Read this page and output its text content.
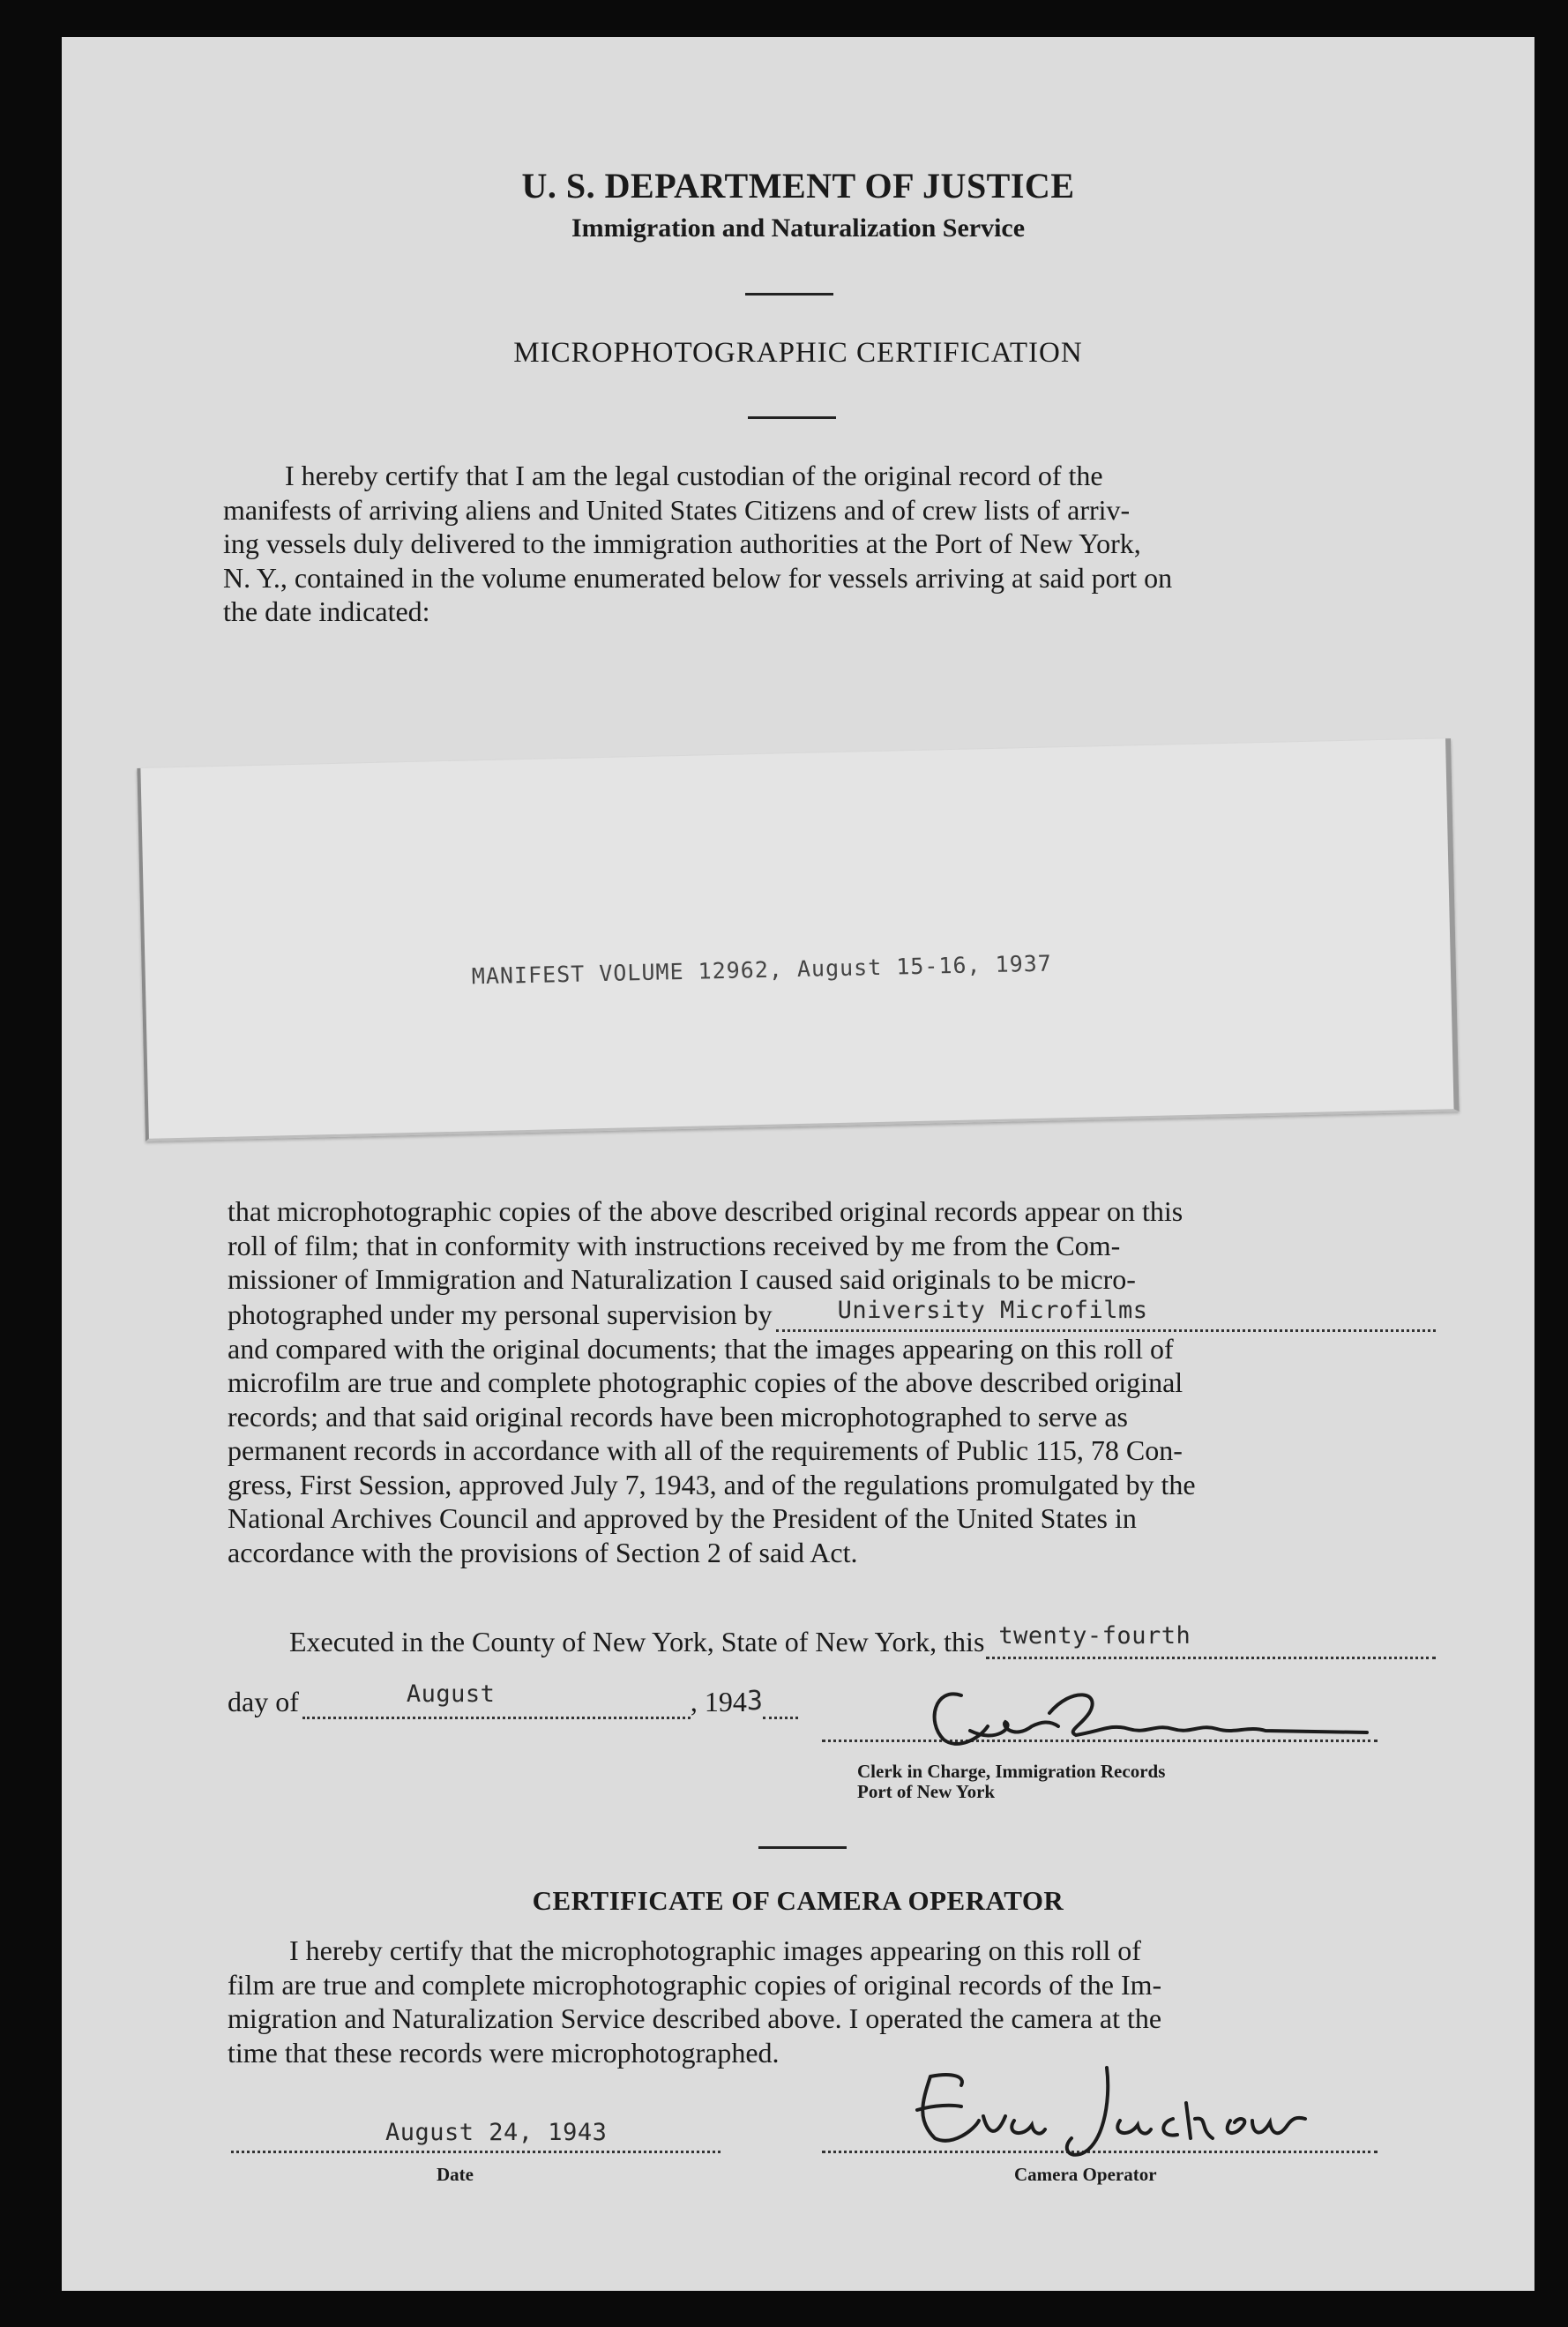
U. S. DEPARTMENT OF JUSTICE
Immigration and Naturalization Service
MICROPHOTOGRAPHIC CERTIFICATION
I hereby certify that I am the legal custodian of the original record of the
manifests of arriving aliens and United States Citizens and of crew lists of arriv-
ing vessels duly delivered to the immigration authorities at the Port of New York,
N. Y., contained in the volume enumerated below for vessels arriving at said port on
the date indicated:
MANIFEST VOLUME 12962, August 15-16, 1937
that microphotographic copies of the above described original records appear on this
roll of film; that in conformity with instructions received by me from the Com-
missioner of Immigration and Naturalization I caused said originals to be micro-
photographed under my personal supervision by	University Microfilms
and compared with the original documents; that the images appearing on this roll of
microfilm are true and complete photographic copies of the above described original
records; and that said original records have been microphotographed to serve as
permanent records in accordance with all of the requirements of Public 115, 78 Con-
gress, First Session, approved July 7, 1943, and of the regulations promulgated by the
National Archives Council and approved by the President of the United States in
accordance with the provisions of Section 2 of said Act.
Executed in the County of New York, State of New York, this twenty-fourth
day of	August	, 194 3
Clerk in Charge, Immigration Records
Port of New York
CERTIFICATE OF CAMERA OPERATOR
I hereby certify that the microphotographic images appearing on this roll of
film are true and complete microphotographic copies of original records of the Im-
migration and Naturalization Service described above. I operated the camera at the
time that these records were microphotographed.
August 24, 1943
Date	Camera Operator
